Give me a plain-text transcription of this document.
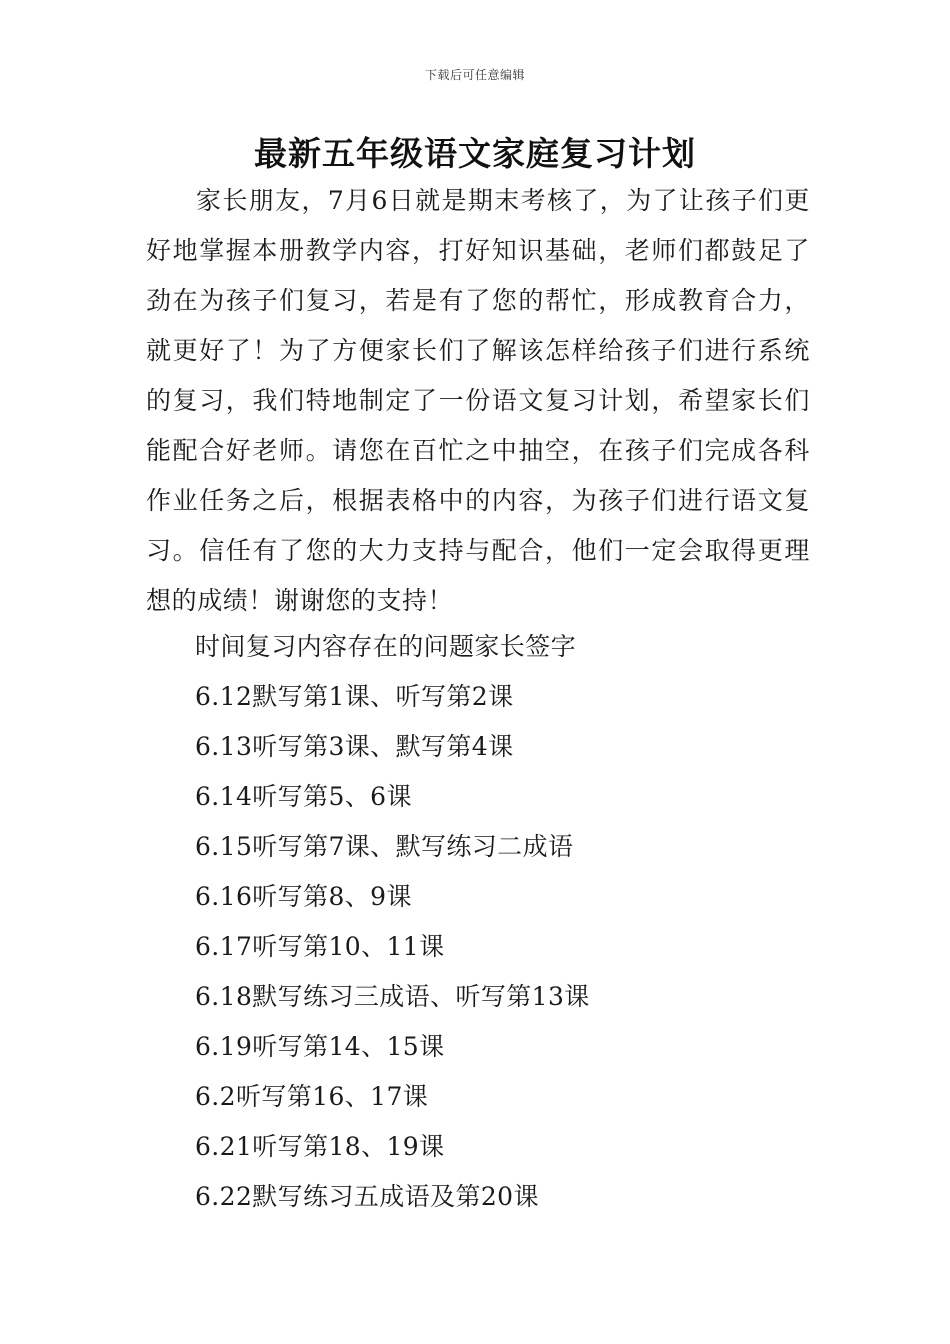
下载后可任意编辑
最新五年级语文家庭复习计划

家长朋友，7月6日就是期末考核了，为了让孩子们更好地掌握本册教学内容，打好知识基础，老师们都鼓足了劲在为孩子们复习，若是有了您的帮忙，形成教育合力，就更好了！为了方便家长们了解该怎样给孩子们进行系统的复习，我们特地制定了一份语文复习计划，希望家长们能配合好老师。请您在百忙之中抽空，在孩子们完成各科作业任务之后，根据表格中的内容，为孩子们进行语文复习。信任有了您的大力支持与配合，他们一定会取得更理想的成绩！谢谢您的支持！

时间复习内容存在的问题家长签字
6.12默写第1课、听写第2课
6.13听写第3课、默写第4课
6.14听写第5、6课
6.15听写第7课、默写练习二成语
6.16听写第8、9课
6.17听写第10、11课
6.18默写练习三成语、听写第13课
6.19听写第14、15课
6.2听写第16、17课
6.21听写第18、19课
6.22默写练习五成语及第20课
